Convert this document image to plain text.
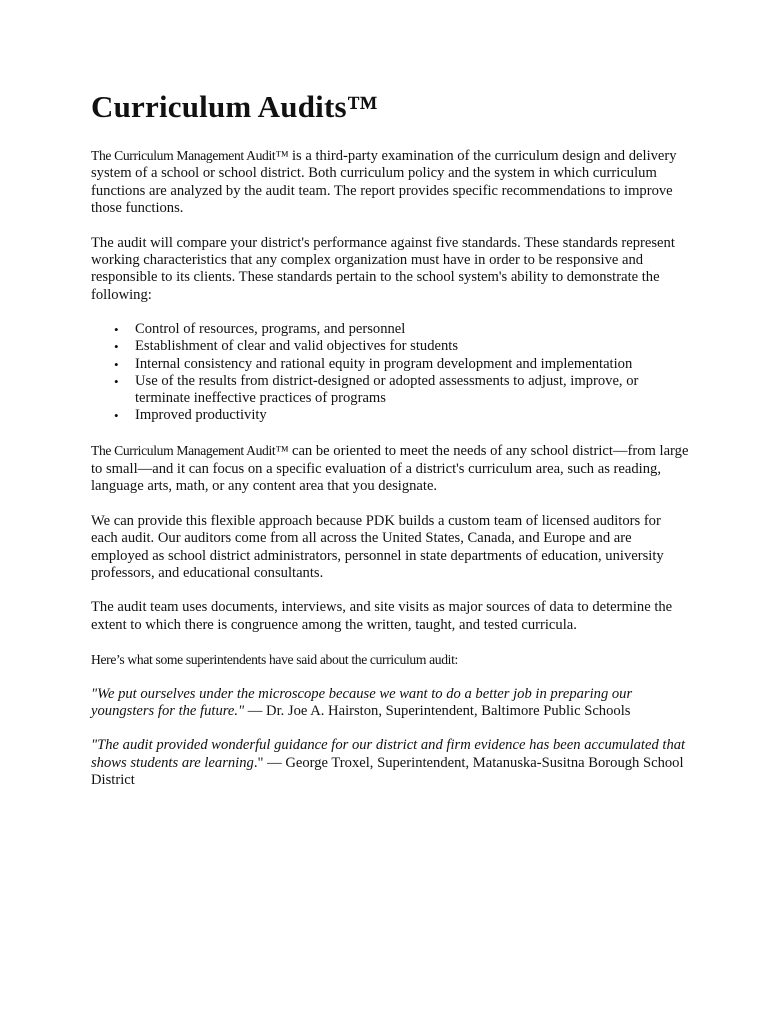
Curriculum Audits™

The Curriculum Management Audit™ is a third-party examination of the curriculum design and delivery system of a school or school district. Both curriculum policy and the system in which curriculum functions are analyzed by the audit team. The report provides specific recommendations to improve those functions.

The audit will compare your district's performance against five standards. These standards represent working characteristics that any complex organization must have in order to be responsive and responsible to its clients. These standards pertain to the school system's ability to demonstrate the following:

• Control of resources, programs, and personnel
• Establishment of clear and valid objectives for students
• Internal consistency and rational equity in program development and implementation
• Use of the results from district-designed or adopted assessments to adjust, improve, or terminate ineffective practices of programs
• Improved productivity

The Curriculum Management Audit™ can be oriented to meet the needs of any school district—from large to small—and it can focus on a specific evaluation of a district's curriculum area, such as reading, language arts, math, or any content area that you designate.

We can provide this flexible approach because PDK builds a custom team of licensed auditors for each audit. Our auditors come from all across the United States, Canada, and Europe and are employed as school district administrators, personnel in state departments of education, university professors, and educational consultants.

The audit team uses documents, interviews, and site visits as major sources of data to determine the extent to which there is congruence among the written, taught, and tested curricula.

Here’s what some superintendents have said about the curriculum audit:

"We put ourselves under the microscope because we want to do a better job in preparing our youngsters for the future." — Dr. Joe A. Hairston, Superintendent, Baltimore Public Schools

"The audit provided wonderful guidance for our district and firm evidence has been accumulated that shows students are learning." — George Troxel, Superintendent, Matanuska-Susitna Borough School District
